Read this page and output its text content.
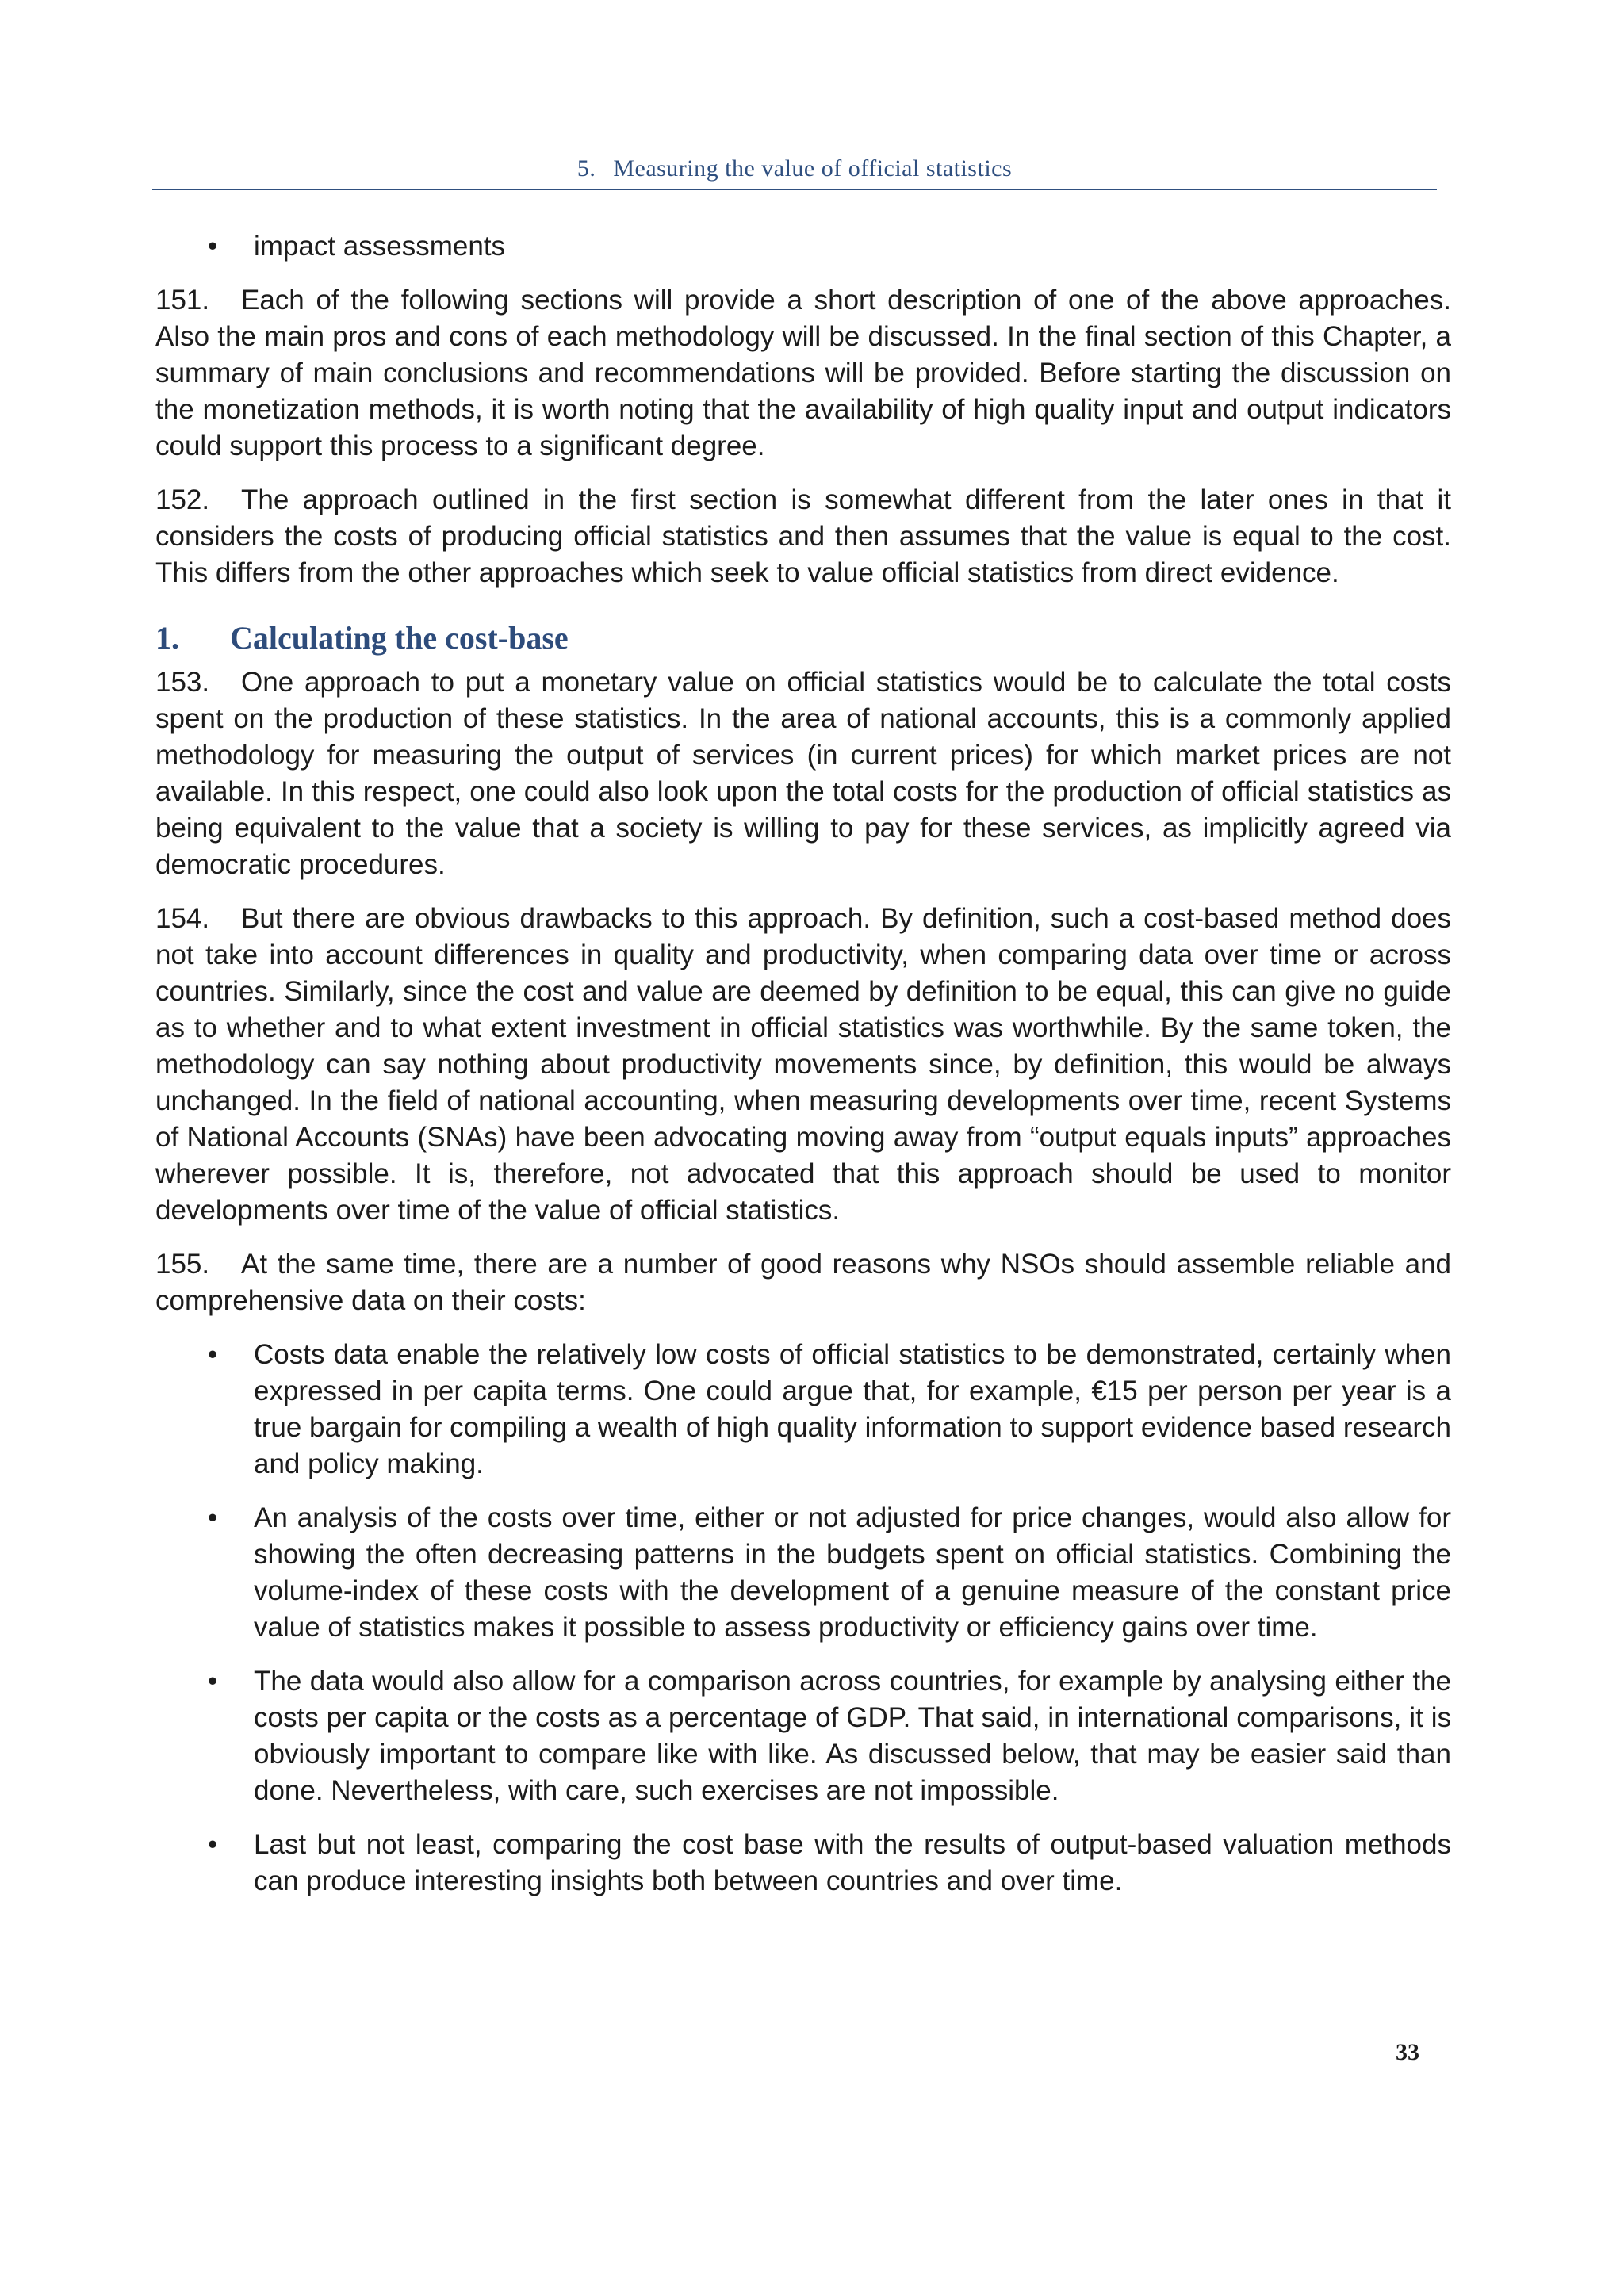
5. Measuring the value of official statistics
• impact assessments

151. Each of the following sections will provide a short description of one of the above approaches. Also the main pros and cons of each methodology will be discussed. In the final section of this Chapter, a summary of main conclusions and recommendations will be provided. Before starting the discussion on the monetization methods, it is worth noting that the availability of high quality input and output indicators could support this process to a significant degree.

152. The approach outlined in the first section is somewhat different from the later ones in that it considers the costs of producing official statistics and then assumes that the value is equal to the cost. This differs from the other approaches which seek to value official statistics from direct evidence.

1. Calculating the cost-base

153. One approach to put a monetary value on official statistics would be to calculate the total costs spent on the production of these statistics. In the area of national accounts, this is a commonly applied methodology for measuring the output of services (in current prices) for which market prices are not available. In this respect, one could also look upon the total costs for the production of official statistics as being equivalent to the value that a society is willing to pay for these services, as implicitly agreed via democratic procedures.

154. But there are obvious drawbacks to this approach. By definition, such a cost-based method does not take into account differences in quality and productivity, when comparing data over time or across countries. Similarly, since the cost and value are deemed by definition to be equal, this can give no guide as to whether and to what extent investment in official statistics was worthwhile. By the same token, the methodology can say nothing about productivity movements since, by definition, this would be always unchanged. In the field of national accounting, when measuring developments over time, recent Systems of National Accounts (SNAs) have been advocating moving away from “output equals inputs” approaches wherever possible. It is, therefore, not advocated that this approach should be used to monitor developments over time of the value of official statistics.

155. At the same time, there are a number of good reasons why NSOs should assemble reliable and comprehensive data on their costs:

• Costs data enable the relatively low costs of official statistics to be demonstrated, certainly when expressed in per capita terms. One could argue that, for example, €15 per person per year is a true bargain for compiling a wealth of high quality information to support evidence based research and policy making.
• An analysis of the costs over time, either or not adjusted for price changes, would also allow for showing the often decreasing patterns in the budgets spent on official statistics. Combining the volume-index of these costs with the development of a genuine measure of the constant price value of statistics makes it possible to assess productivity or efficiency gains over time.
• The data would also allow for a comparison across countries, for example by analysing either the costs per capita or the costs as a percentage of GDP. That said, in international comparisons, it is obviously important to compare like with like. As discussed below, that may be easier said than done. Nevertheless, with care, such exercises are not impossible.
• Last but not least, comparing the cost base with the results of output-based valuation methods can produce interesting insights both between countries and over time.
33
